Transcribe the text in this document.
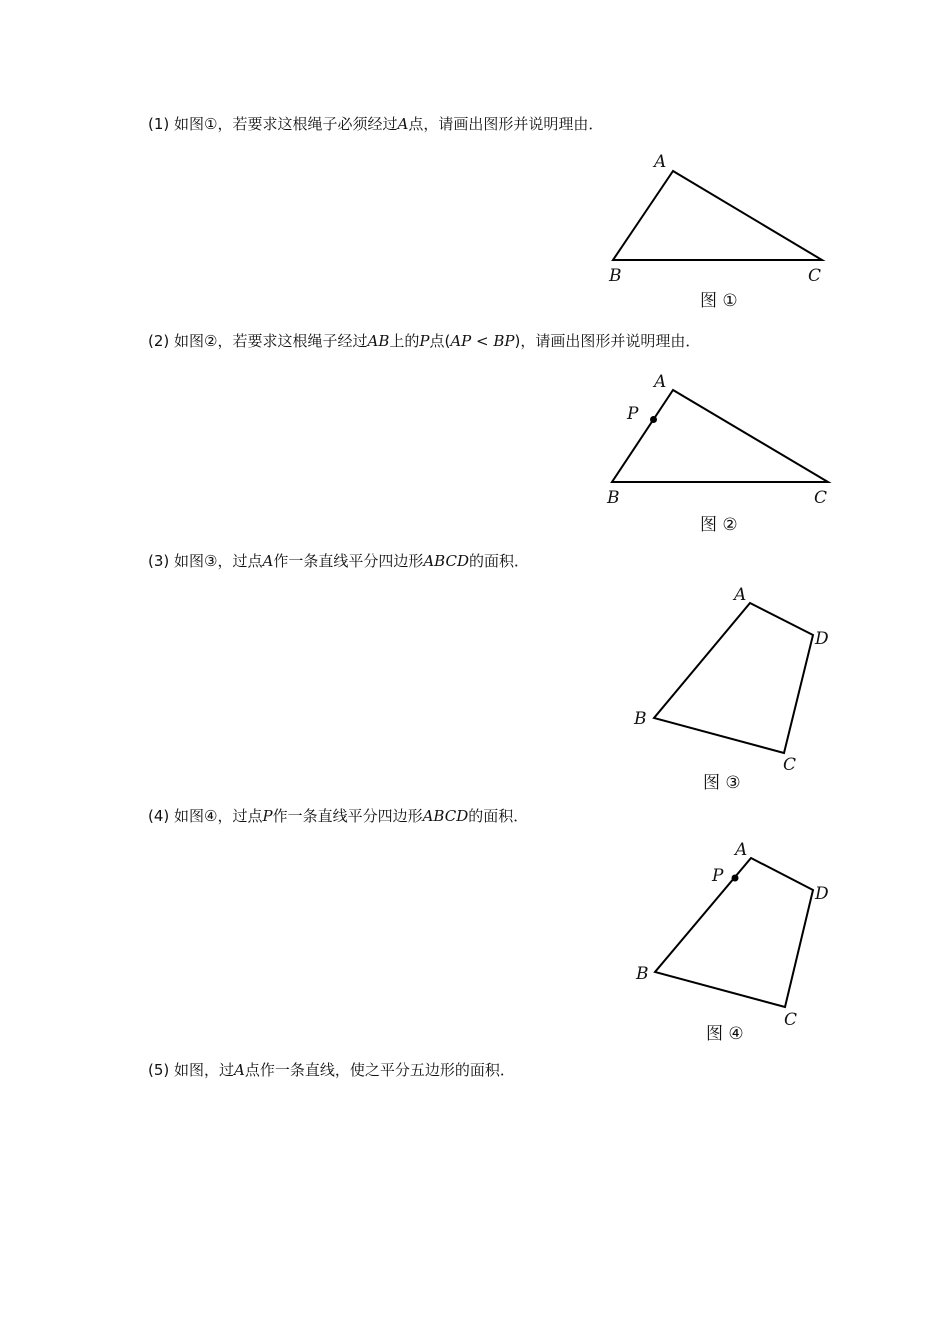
(1) 如图①，若要求这根绳子必须经过A点，请画出图形并说明理由．
(2) 如图②，若要求这根绳子经过AB上的P点(AP < BP)，请画出图形并说明理由．
(3) 如图③，过点A作一条直线平分四边形ABCD的面积．
(4) 如图④，过点P作一条直线平分四边形ABCD的面积．
(5) 如图，过A点作一条直线，使之平分五边形的面积．
A
B	C
图 ①
A
P
B	C
图 ②
A
D
B
C
图 ③
A
P
D
B
C
图 ④
